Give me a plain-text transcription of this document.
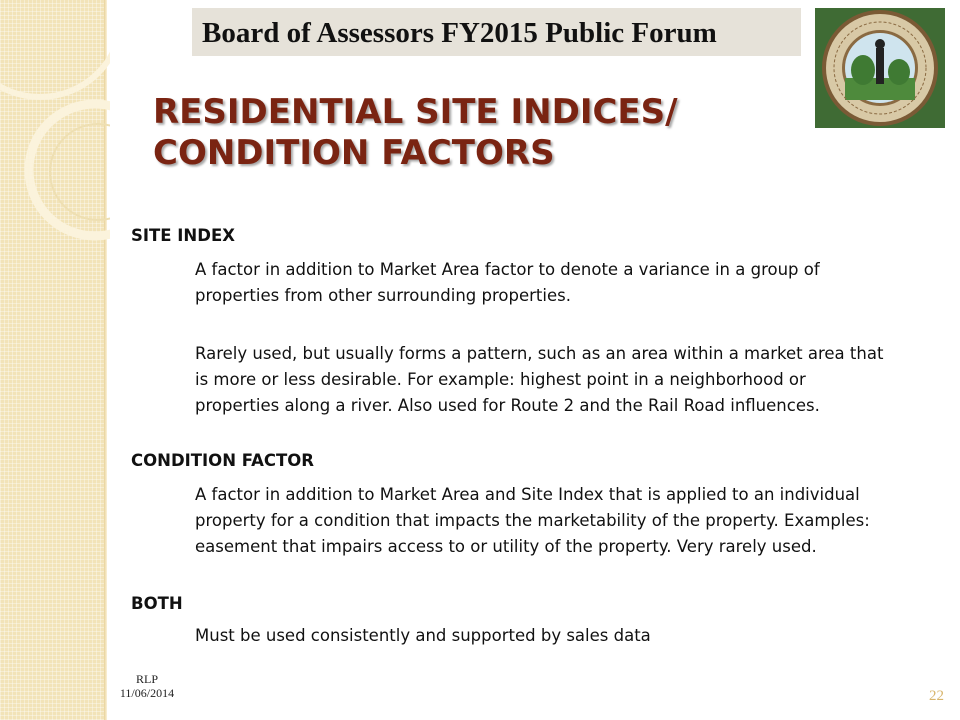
Board of Assessors FY2015 Public Forum
RESIDENTIAL SITE INDICES/
CONDITION FACTORS
SITE INDEX
A factor in addition to Market Area factor to denote a variance in a group of
properties from other surrounding properties.
Rarely used, but usually forms a pattern, such as an area within a market area that
is more or less desirable. For example: highest point in a neighborhood or
properties along a river. Also used for Route 2 and the Rail Road influences.
CONDITION FACTOR
A factor in addition to Market Area and Site Index that is applied to an individual
property for a condition that impacts the marketability of the property. Examples:
easement that impairs access to or utility of the property. Very rarely used.
BOTH
Must be used consistently and supported by sales data
RLP
11/06/2014	22
